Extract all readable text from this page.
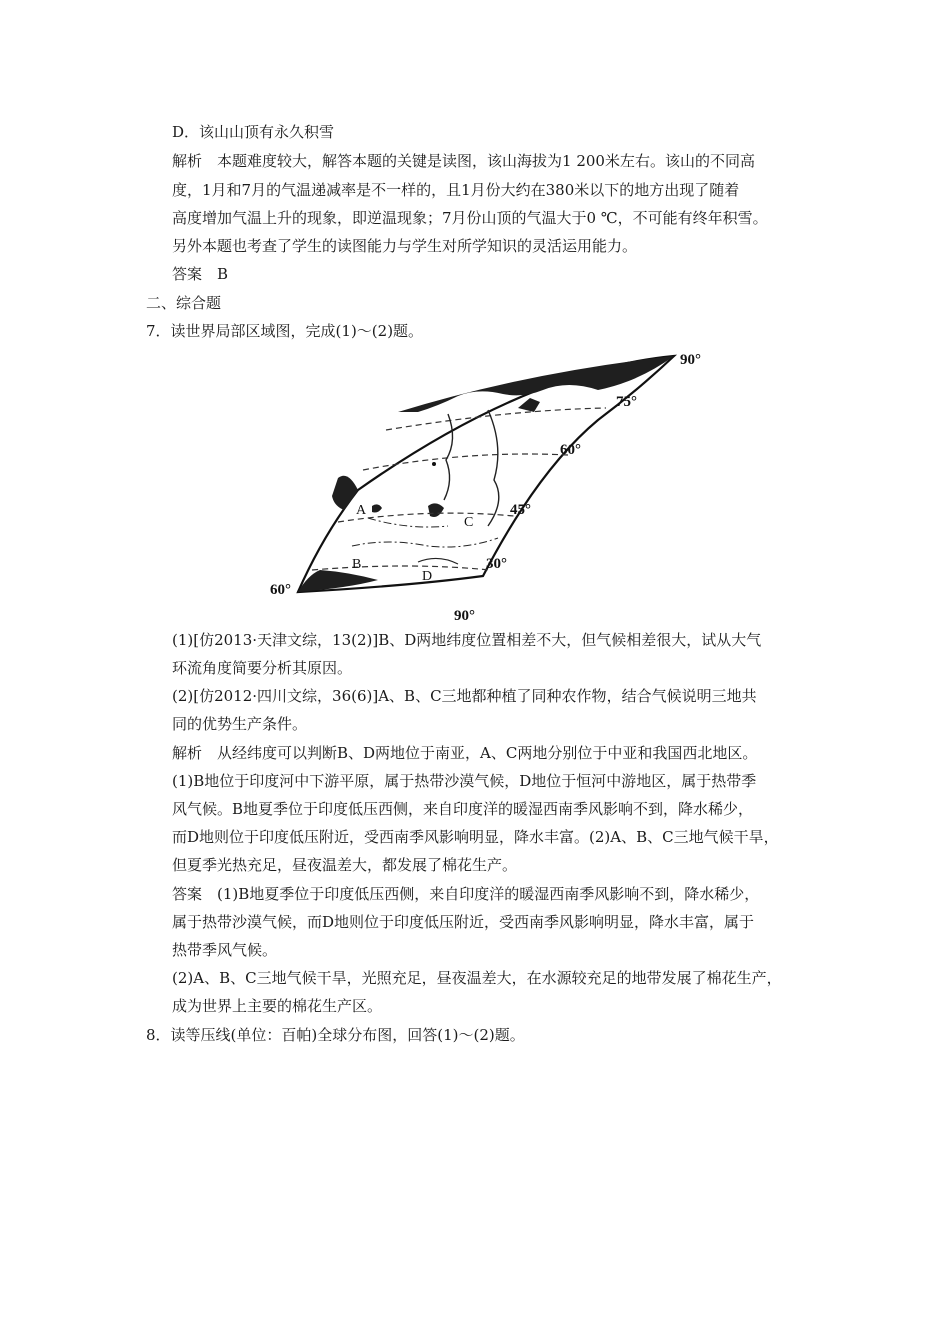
D．该山山顶有永久积雪
解析　本题难度较大，解答本题的关键是读图，该山海拔为1 200米左右。该山的不同高
度，1月和7月的气温递减率是不一样的，且1月份大约在380米以下的地方出现了随着
高度增加气温上升的现象，即逆温现象；7月份山顶的气温大于0 ℃，不可能有终年积雪。
另外本题也考查了学生的读图能力与学生对所学知识的灵活运用能力。
答案　B
二、综合题
7．读世界局部区域图，完成(1)～(2)题。
90°
75°
60°
45°
30°
60°
90°
A
B
C
D
(1)[仿2013·天津文综，13(2)]B、D两地纬度位置相差不大，但气候相差很大，试从大气
环流角度简要分析其原因。
(2)[仿2012·四川文综，36(6)]A、B、C三地都种植了同种农作物，结合气候说明三地共
同的优势生产条件。
解析　从经纬度可以判断B、D两地位于南亚，A、C两地分别位于中亚和我国西北地区。
(1)B地位于印度河中下游平原，属于热带沙漠气候，D地位于恒河中游地区，属于热带季
风气候。B地夏季位于印度低压西侧，来自印度洋的暖湿西南季风影响不到，降水稀少，
而D地则位于印度低压附近，受西南季风影响明显，降水丰富。(2)A、B、C三地气候干旱，
但夏季光热充足，昼夜温差大，都发展了棉花生产。
答案　(1)B地夏季位于印度低压西侧，来自印度洋的暖湿西南季风影响不到，降水稀少，
属于热带沙漠气候，而D地则位于印度低压附近，受西南季风影响明显，降水丰富，属于
热带季风气候。
(2)A、B、C三地气候干旱，光照充足，昼夜温差大，在水源较充足的地带发展了棉花生产，
成为世界上主要的棉花生产区。
8．读等压线(单位：百帕)全球分布图，回答(1)～(2)题。
